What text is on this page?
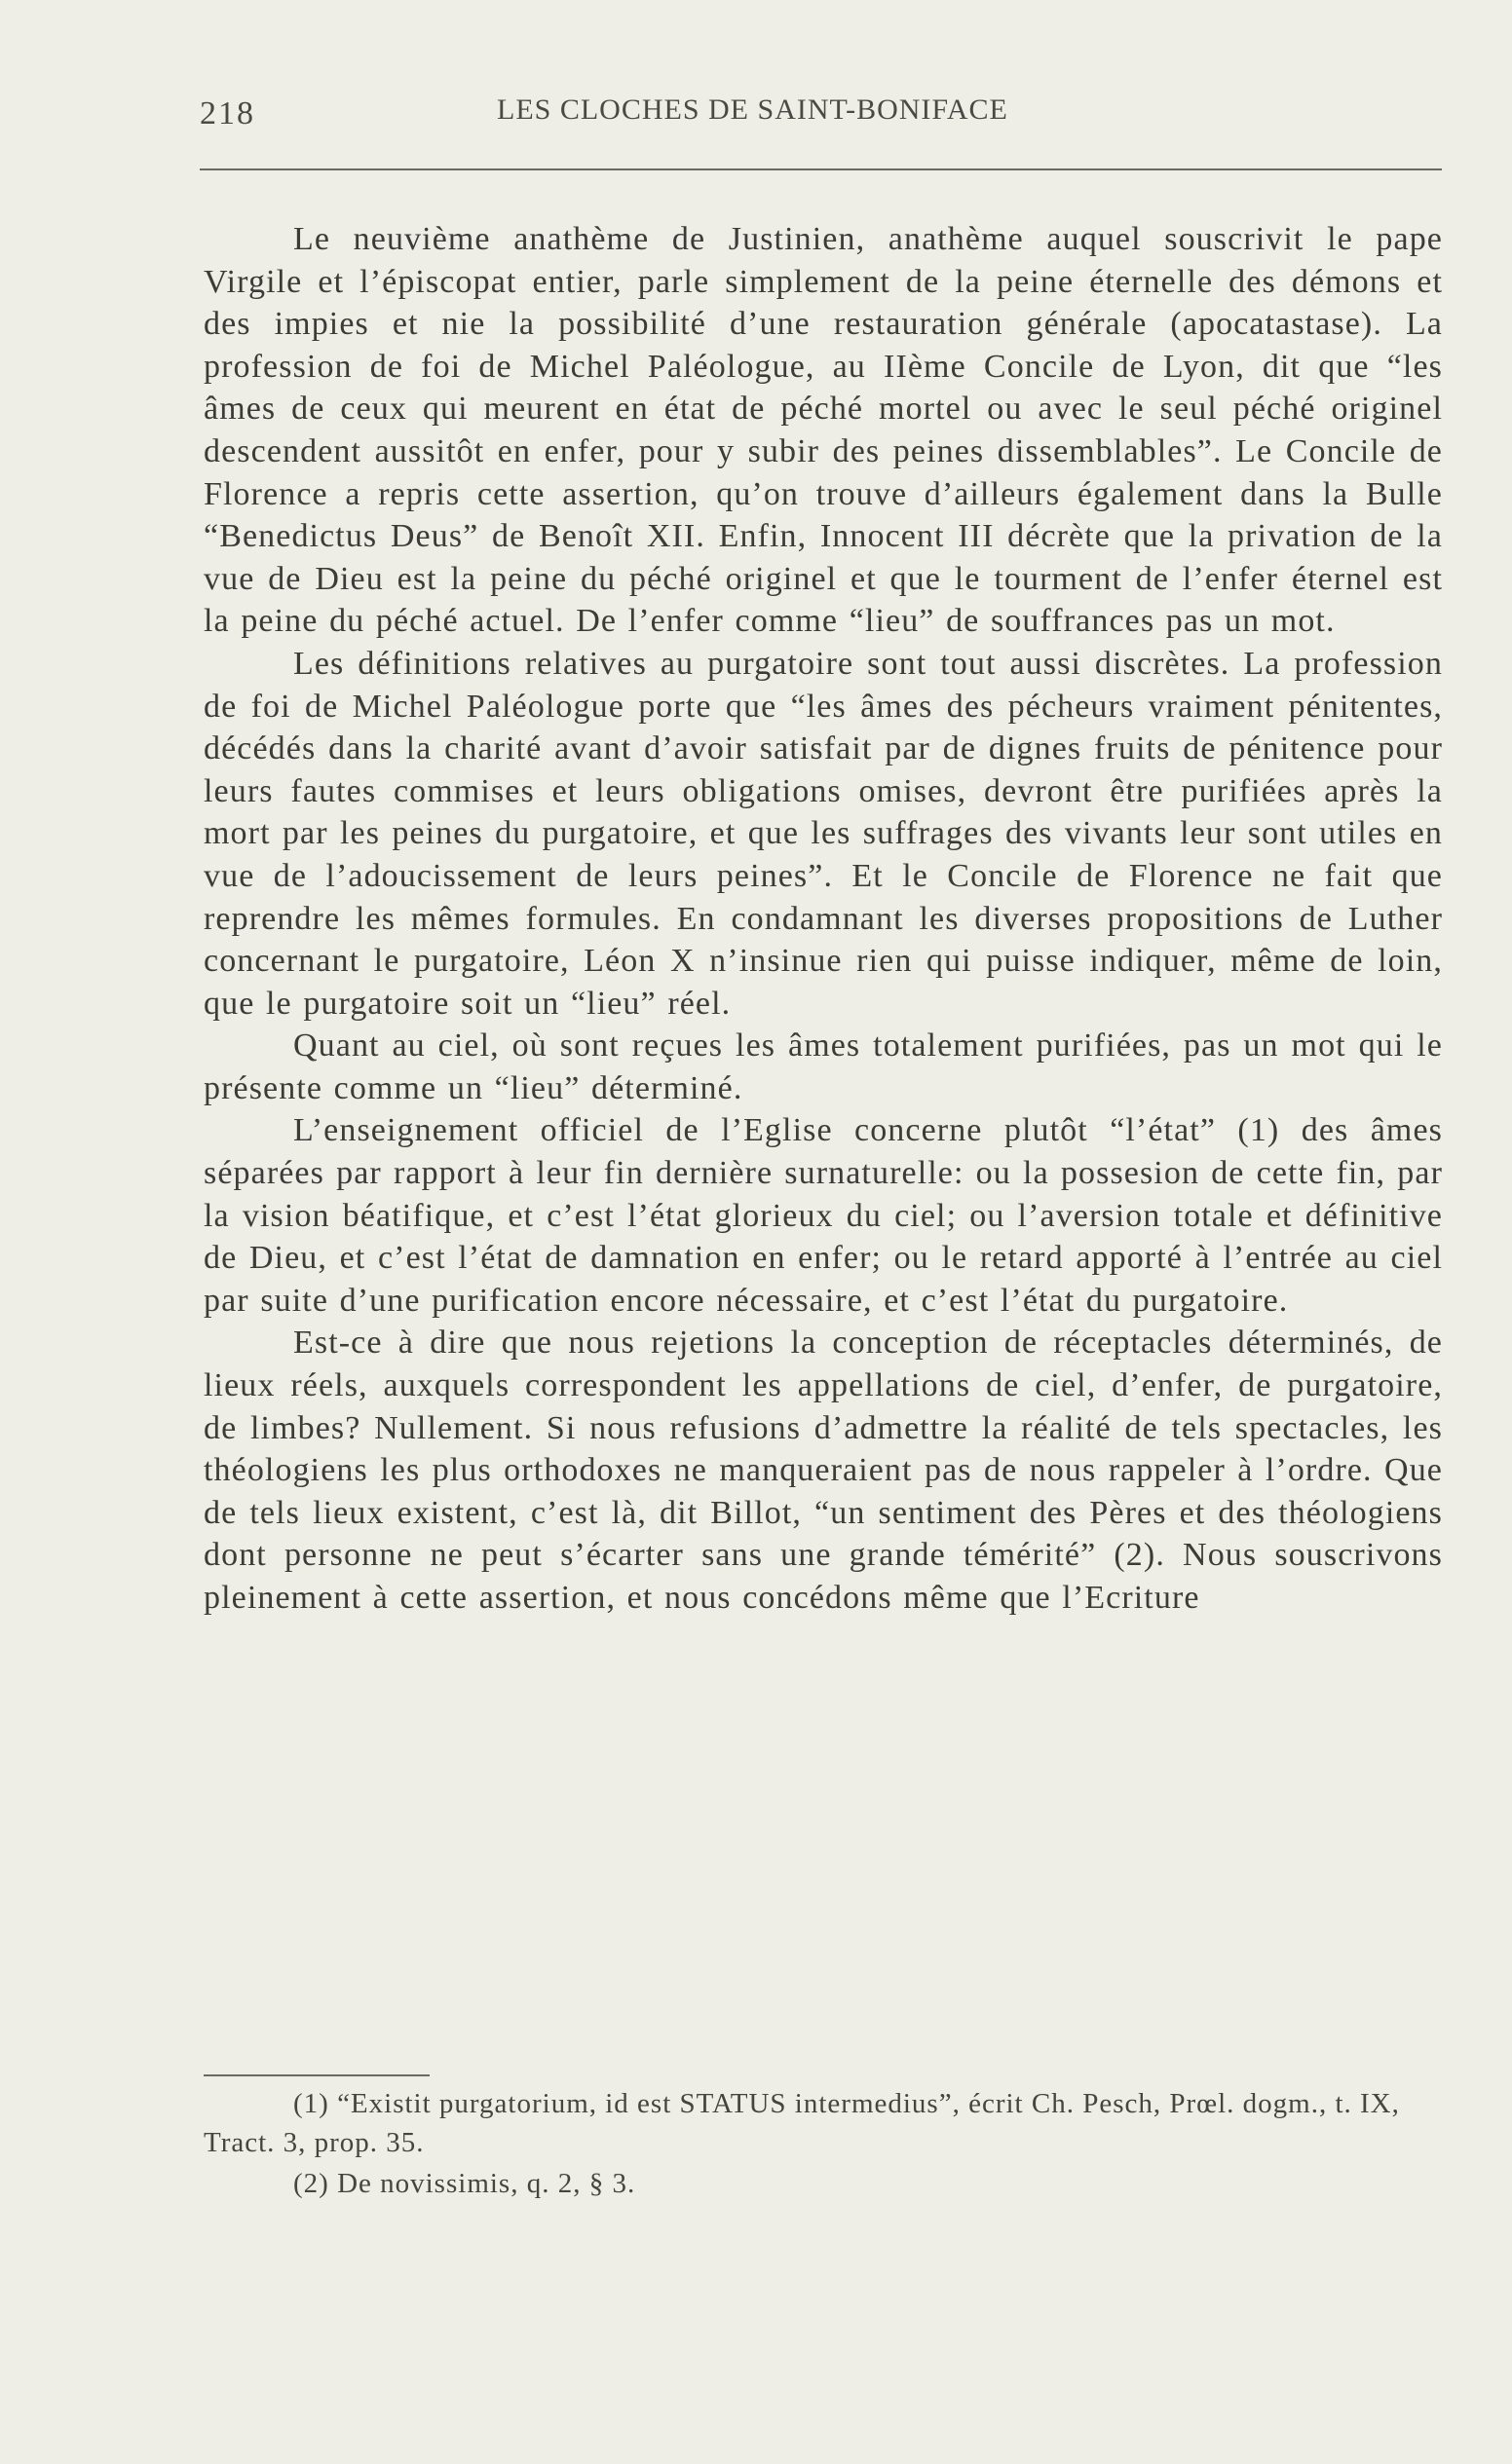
218	LES CLOCHES DE SAINT-BONIFACE

Le neuvième anathème de Justinien, anathème auquel souscrivit le pape Virgile et l’épiscopat entier, parle simplement de la peine éternelle des démons et des impies et nie la possibilité d’une restauration générale (apocatastase). La profession de foi de Michel Paléologue, au IIème Concile de Lyon, dit que “les âmes de ceux qui meurent en état de péché mortel ou avec le seul péché originel descendent aussitôt en enfer, pour y subir des peines dissemblables”. Le Concile de Florence a repris cette assertion, qu’on trouve d’ailleurs également dans la Bulle “Benedictus Deus” de Benoît XII. Enfin, Innocent III décrète que la privation de la vue de Dieu est la peine du péché originel et que le tourment de l’enfer éternel est la peine du péché actuel. De l’enfer comme “lieu” de souffrances pas un mot.

Les définitions relatives au purgatoire sont tout aussi discrètes. La profession de foi de Michel Paléologue porte que “les âmes des pécheurs vraiment pénitentes, décédés dans la charité avant d’avoir satisfait par de dignes fruits de pénitence pour leurs fautes commises et leurs obligations omises, devront être purifiées après la mort par les peines du purgatoire, et que les suffrages des vivants leur sont utiles en vue de l’adoucissement de leurs peines”. Et le Concile de Florence ne fait que reprendre les mêmes formules. En condamnant les diverses propositions de Luther concernant le purgatoire, Léon X n’insinue rien qui puisse indiquer, même de loin, que le purgatoire soit un “lieu” réel.

Quant au ciel, où sont reçues les âmes totalement purifiées, pas un mot qui le présente comme un “lieu” déterminé.

L’enseignement officiel de l’Eglise concerne plutôt “l’état” (1) des âmes séparées par rapport à leur fin dernière surnaturelle: ou la possesion de cette fin, par la vision béatifique, et c’est l’état glorieux du ciel; ou l’aversion totale et définitive de Dieu, et c’est l’état de damnation en enfer; ou le retard apporté à l’entrée au ciel par suite d’une purification encore nécessaire, et c’est l’état du purgatoire.

Est-ce à dire que nous rejetions la conception de réceptacles déterminés, de lieux réels, auxquels correspondent les appellations de ciel, d’enfer, de purgatoire, de limbes? Nullement. Si nous refusions d’admettre la réalité de tels spectacles, les théologiens les plus orthodoxes ne manqueraient pas de nous rappeler à l’ordre. Que de tels lieux existent, c’est là, dit Billot, “un sentiment des Pères et des théologiens dont personne ne peut s’écarter sans une grande témérité” (2). Nous souscrivons pleinement à cette assertion, et nous concédons même que l’Ecriture

(1) “Existit purgatorium, id est STATUS intermedius”, écrit Ch. Pesch, Prœl. dogm., t. IX, Tract. 3, prop. 35.

(2) De novissimis, q. 2, § 3.
